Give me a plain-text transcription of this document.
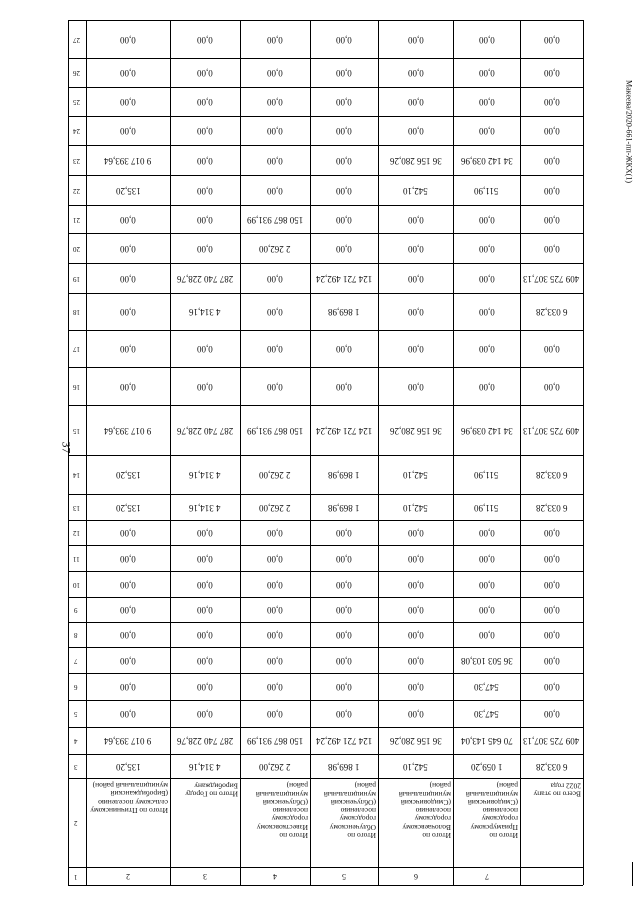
37
Макеева/2020-661-пп-ЖКХ(1)
1
2
3
4
5
6
7
8
9
10
11
12
13
14
15
16
17
18
19
20
21
22
23
24
25
26
27
2
Итого по Птичнинскому сельскому поселению (Биробиджанский муниципальный район)
135,20
9 017 393,64
0,00
0,00
0,00
0,00
0,00
0,00
0,00
0,00
135,20
135,20
9 017 393,64
0,00
0,00
0,00
0,00
0,00
0,00
135,20
9 017 393,64
0,00
0,00
0,00
0,00
3
Итого по Городу Биробиджану
4 314,16
287 740 228,76
0,00
0,00
0,00
0,00
0,00
0,00
0,00
0,00
4 314,16
4 314,16
287 740 228,76
0,00
0,00
4 314,16
287 740 228,76
0,00
0,00
0,00
0,00
0,00
0,00
0,00
0,00
4
Итого по Известковскому городскому поселению (Облученский муниципальный район)
2 262,00
150 867 931,99
0,00
0,00
0,00
0,00
0,00
0,00
0,00
0,00
2 262,00
2 262,00
150 867 931,99
0,00
0,00
0,00
0,00
2 262,00
150 867 931,99
0,00
0,00
0,00
0,00
0,00
0,00
5
Итого по Облученскому городскому поселению (Облученский муниципальный район)
1 869,98
124 721 492,24
0,00
0,00
0,00
0,00
0,00
0,00
0,00
0,00
1 869,98
1 869,98
124 721 492,24
0,00
0,00
1 869,98
124 721 492,24
0,00
0,00
0,00
0,00
0,00
0,00
0,00
0,00
6
Итого по Волочаевскому городскому поселению (Смидовичский муниципальный район)
542,10
36 156 280,26
0,00
0,00
0,00
0,00
0,00
0,00
0,00
0,00
542,10
542,10
36 156 280,26
0,00
0,00
0,00
0,00
0,00
0,00
542,10
36 156 280,26
0,00
0,00
0,00
0,00
7
Итого по Приамурскому городскому поселению (Смидовичский муниципальный район)
1 059,20
70 645 143,04
547,30
547,30
36 503 103,08
0,00
0,00
0,00
0,00
0,00
511,90
511,90
34 142 039,96
0,00
0,00
0,00
0,00
0,00
0,00
511,90
34 142 039,96
0,00
0,00
0,00
0,00
Всего по этапу 2022 года
6 033,28
409 725 307,13
0,00
0,00
0,00
0,00
0,00
0,00
0,00
0,00
6 033,28
6 033,28
409 725 307,13
0,00
0,00
6 033,28
409 725 307,13
0,00
0,00
0,00
0,00
0,00
0,00
0,00
0,00
